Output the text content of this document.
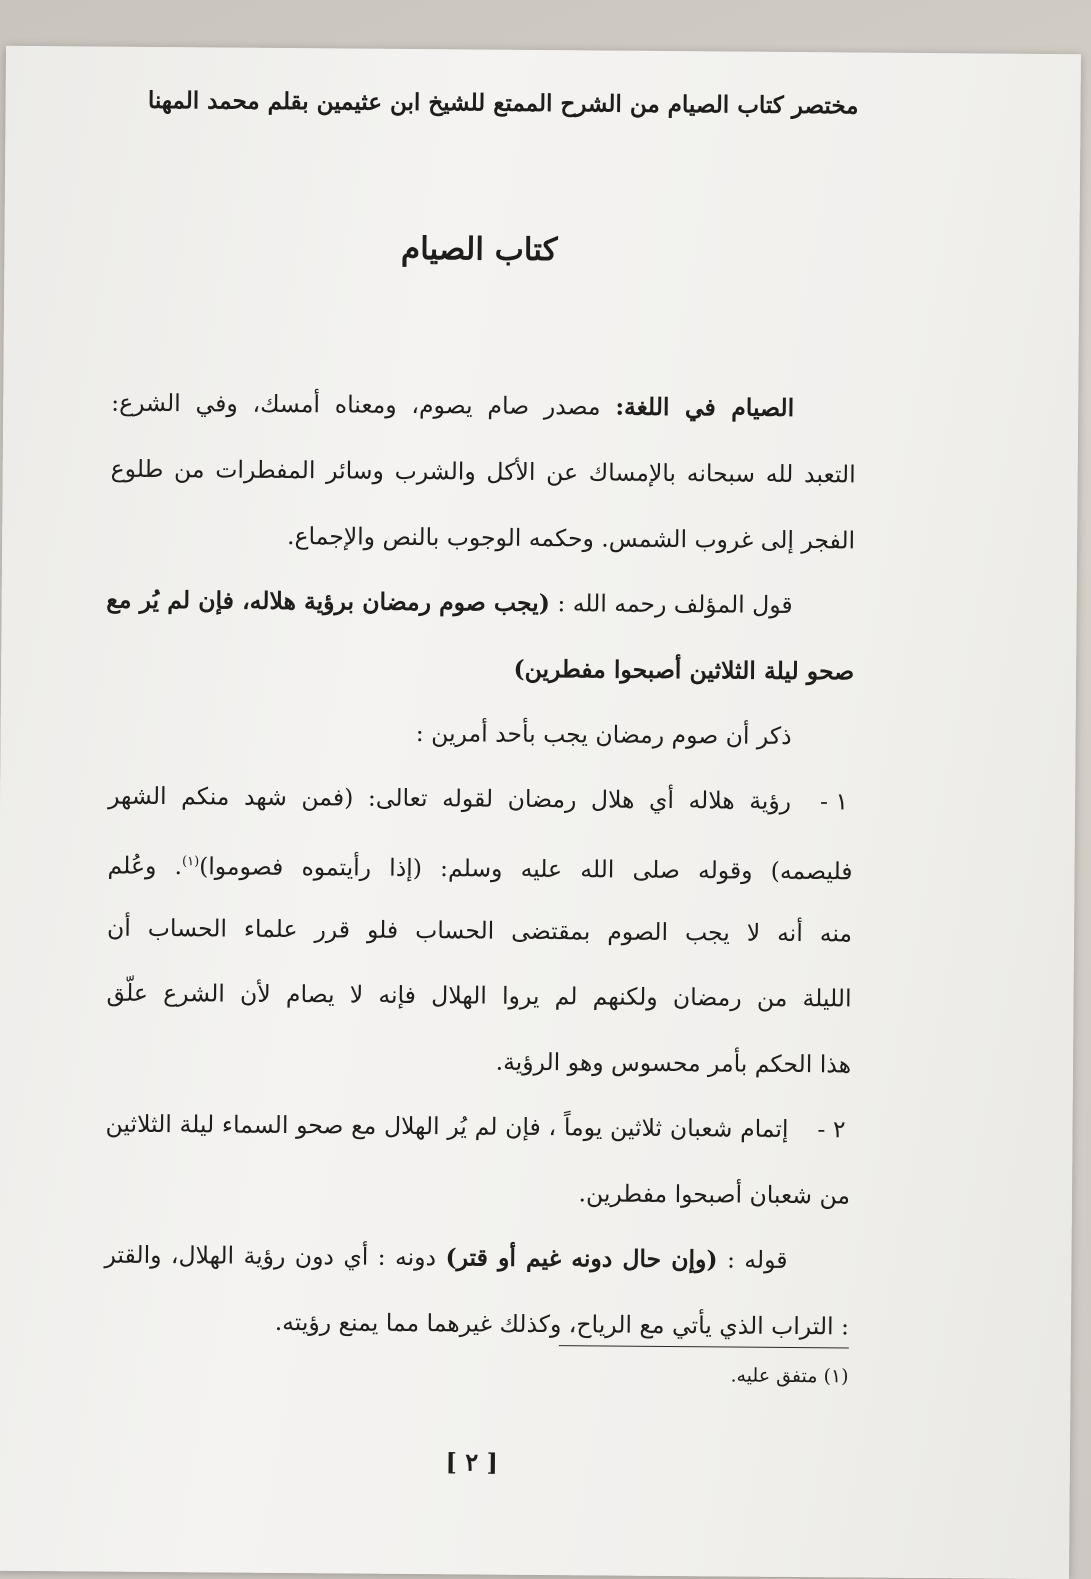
مختصر كتاب الصيام من الشرح الممتع للشيخ ابن عثيمين بقلم محمد المهنا
كتاب الصيام
الصيام في اللغة: مصدر صام يصوم، ومعناه أمسك، وفي الشرع:
التعبد لله سبحانه بالإمساك عن الأكل والشرب وسائر المفطرات من طلوع
الفجر إلى غروب الشمس. وحكمه الوجوب بالنص والإجماع.
قول المؤلف رحمه الله : (يجب صوم رمضان برؤية هلاله، فإن لم يُر مع
صحو ليلة الثلاثين أصبحوا مفطرين)
ذكر أن صوم رمضان يجب بأحد أمرين :
١ -
رؤية هلاله أي هلال رمضان لقوله تعالى: (فمن شهد منكم الشهر
فليصمه) وقوله صلى الله عليه وسلم: (إذا رأيتموه فصوموا)$^{(١)}$. وعُلم
منه أنه لا يجب الصوم بمقتضى الحساب فلو قرر علماء الحساب أن
الليلة من رمضان ولكنهم لم يروا الهلال فإنه لا يصام لأن الشرع علّق
هذا الحكم بأمر محسوس وهو الرؤية.
٢ -
إتمام شعبان ثلاثين يوماً ، فإن لم يُر الهلال مع صحو السماء ليلة الثلاثين
من شعبان أصبحوا مفطرين.
قوله : (وإن حال دونه غيم أو قتر) دونه : أي دون رؤية الهلال، والقتر
: التراب الذي يأتي مع الرياح، وكذلك غيرهما مما يمنع رؤيته.
(١) متفق عليه.
[ ٢ ]
